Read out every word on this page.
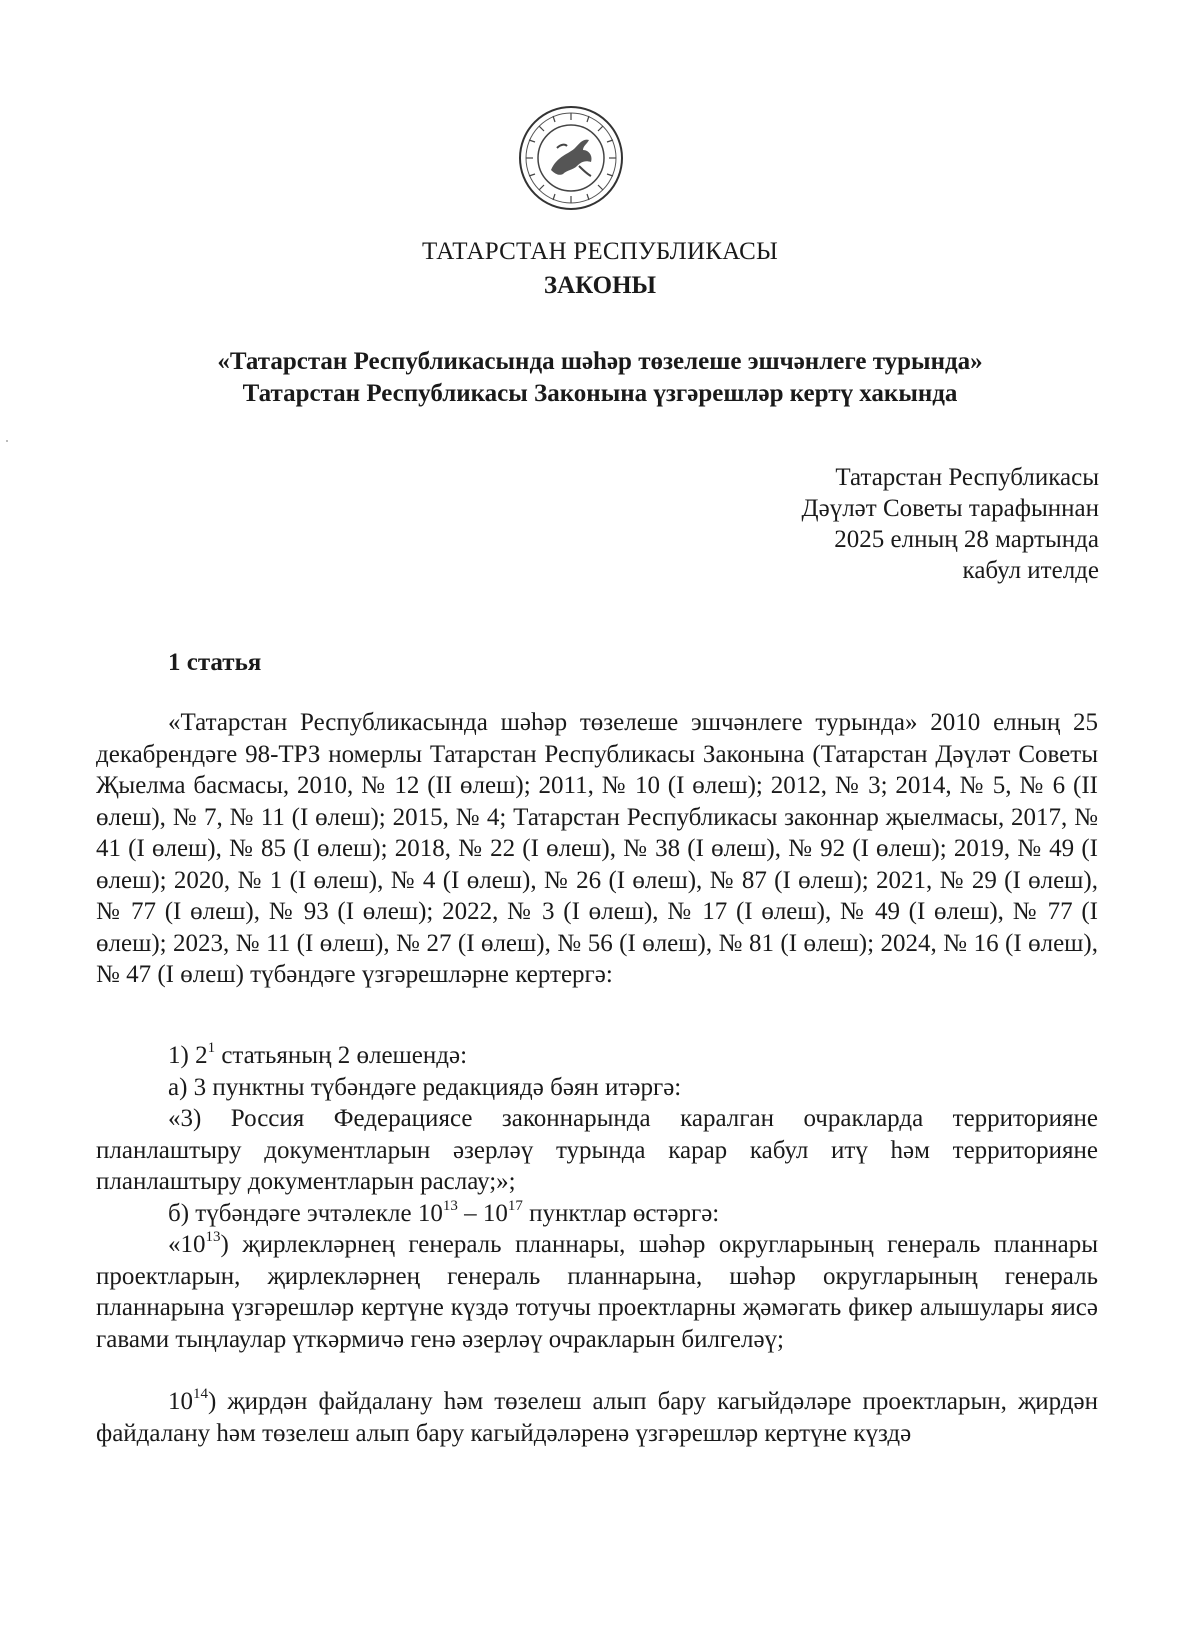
ТАТАРСТАН РЕСПУБЛИКАСЫ
ЗАКОНЫ
«Татарстан Республикасында шәһәр төзелеше эшчәнлеге турында»
Татарстан Республикасы Законына үзгәрешләр кертү хакында
Татарстан Республикасы
Дәүләт Советы тарафыннан
2025 елның 28 мартында
кабул ителде
1 статья
«Татарстан Республикасында шәһәр төзелеше эшчәнлеге турында» 2010 елның 25 декабрендәге 98-ТРЗ номерлы Татарстан Республикасы Законына (Татарстан Дәүләт Советы Җыелма басмасы, 2010, № 12 (II өлеш); 2011, № 10 (I өлеш); 2012, № 3; 2014, № 5, № 6 (II өлеш), № 7, № 11 (I өлеш); 2015, № 4; Татарстан Республикасы законнар җыелмасы, 2017, № 41 (I өлеш), № 85 (I өлеш); 2018, № 22 (I өлеш), № 38 (I өлеш), № 92 (I өлеш); 2019, № 49 (I өлеш); 2020, № 1 (I өлеш), № 4 (I өлеш), № 26 (I өлеш), № 87 (I өлеш); 2021, № 29 (I өлеш), № 77 (I өлеш), № 93 (I өлеш); 2022, № 3 (I өлеш), № 17 (I өлеш), № 49 (I өлеш), № 77 (I өлеш); 2023, № 11 (I өлеш), № 27 (I өлеш), № 56 (I өлеш), № 81 (I өлеш); 2024, № 16 (I өлеш), № 47 (I өлеш) түбәндәге үзгәрешләрне кертергә:
1) $2^1$ статьяның 2 өлешендә:
а) 3 пунктны түбәндәге редакциядә бәян итәргә:
«3) Россия Федерациясе законнарында каралган очракларда территорияне планлаштыру документларын әзерләү турында карар кабул итү һәм территорияне планлаштыру документларын раслау;»;
б) түбәндәге эчтәлекле $10^{13} - 10^{17}$ пунктлар өстәргә:
«$10^{13}$) җирлекләрнең генераль планнары, шәһәр округларының генераль планнары проектларын, җирлекләрнең генераль планнарына, шәһәр округларының генераль планнарына үзгәрешләр кертүне күздә тотучы проектларны җәмәгать фикер алышулары яисә гавами тыңлаулар үткәрмичә генә әзерләү очракларын билгеләү;
$10^{14}$) җирдән файдалану һәм төзелеш алып бару кагыйдәләре проектларын, җирдән файдалану һәм төзелеш алып бару кагыйдәләренә үзгәрешләр кертүне күздә
